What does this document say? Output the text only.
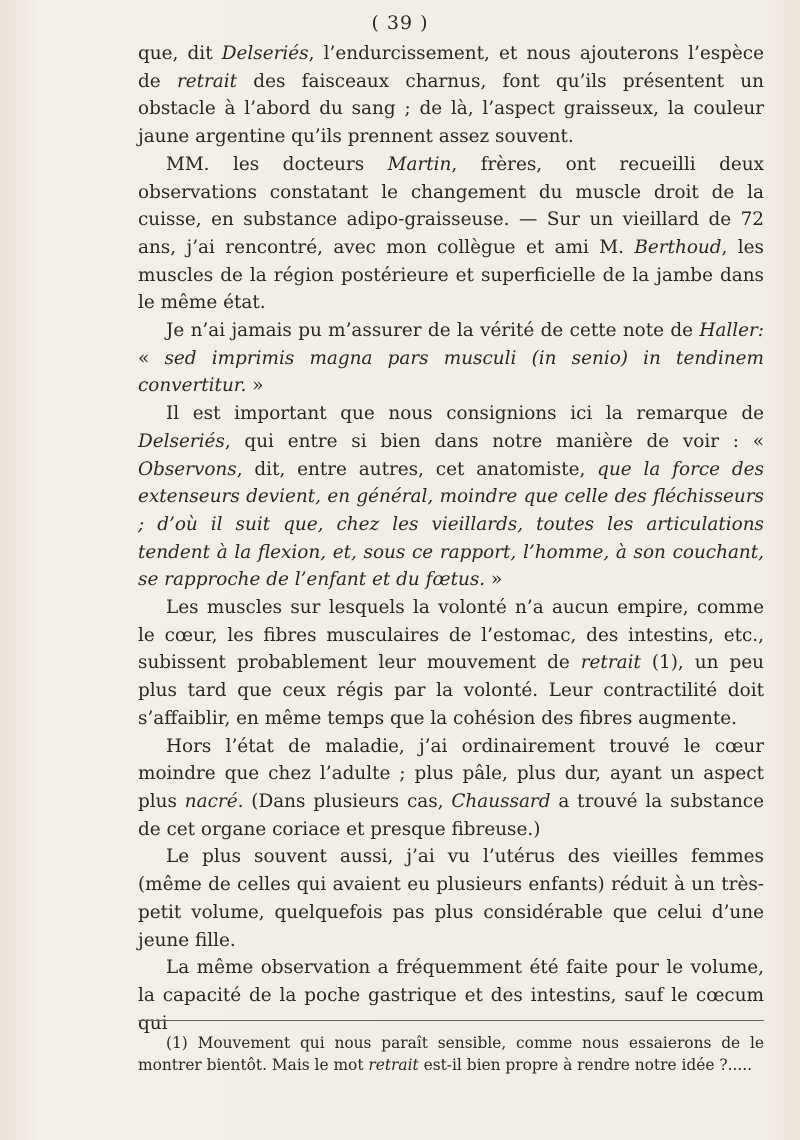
( 39 )

que, dit Delseriés, l’endurcissement, et nous ajouterons l’espèce de retrait des faisceaux charnus, font qu’ils présentent un obstacle à l’abord du sang ; de là, l’aspect graisseux, la couleur jaune argentine qu’ils prennent assez souvent.

MM. les docteurs Martin, frères, ont recueilli deux observations constatant le changement du muscle droit de la cuisse, en substance adipo-graisseuse. — Sur un vieillard de 72 ans, j’ai rencontré, avec mon collègue et ami M. Berthoud, les muscles de la région postérieure et superficielle de la jambe dans le même état.

Je n’ai jamais pu m’assurer de la vérité de cette note de Haller: « sed imprimis magna pars musculi (in senio) in tendinem convertitur. »

Il est important que nous consignions ici la remarque de Delseriés, qui entre si bien dans notre manière de voir : « Observons, dit, entre autres, cet anatomiste, que la force des extenseurs devient, en général, moindre que celle des fléchisseurs ; d’où il suit que, chez les vieillards, toutes les articulations tendent à la flexion, et, sous ce rapport, l’homme, à son couchant, se rapproche de l’enfant et du fœtus. »

Les muscles sur lesquels la volonté n’a aucun empire, comme le cœur, les fibres musculaires de l’estomac, des intestins, etc., subissent probablement leur mouvement de retrait (1), un peu plus tard que ceux régis par la volonté. Leur contractilité doit s’affaiblir, en même temps que la cohésion des fibres augmente.

Hors l’état de maladie, j’ai ordinairement trouvé le cœur moindre que chez l’adulte ; plus pâle, plus dur, ayant un aspect plus nacré. (Dans plusieurs cas, Chaussard a trouvé la substance de cet organe coriace et presque fibreuse.)

Le plus souvent aussi, j’ai vu l’utérus des vieilles femmes (même de celles qui avaient eu plusieurs enfants) réduit à un très-petit volume, quelquefois pas plus considérable que celui d’une jeune fille.

La même observation a fréquemment été faite pour le volume, la capacité de la poche gastrique et des intestins, sauf le cœcum qui

(1) Mouvement qui nous paraît sensible, comme nous essaierons de le montrer bientôt. Mais le mot retrait est-il bien propre à rendre notre idée ?.....
